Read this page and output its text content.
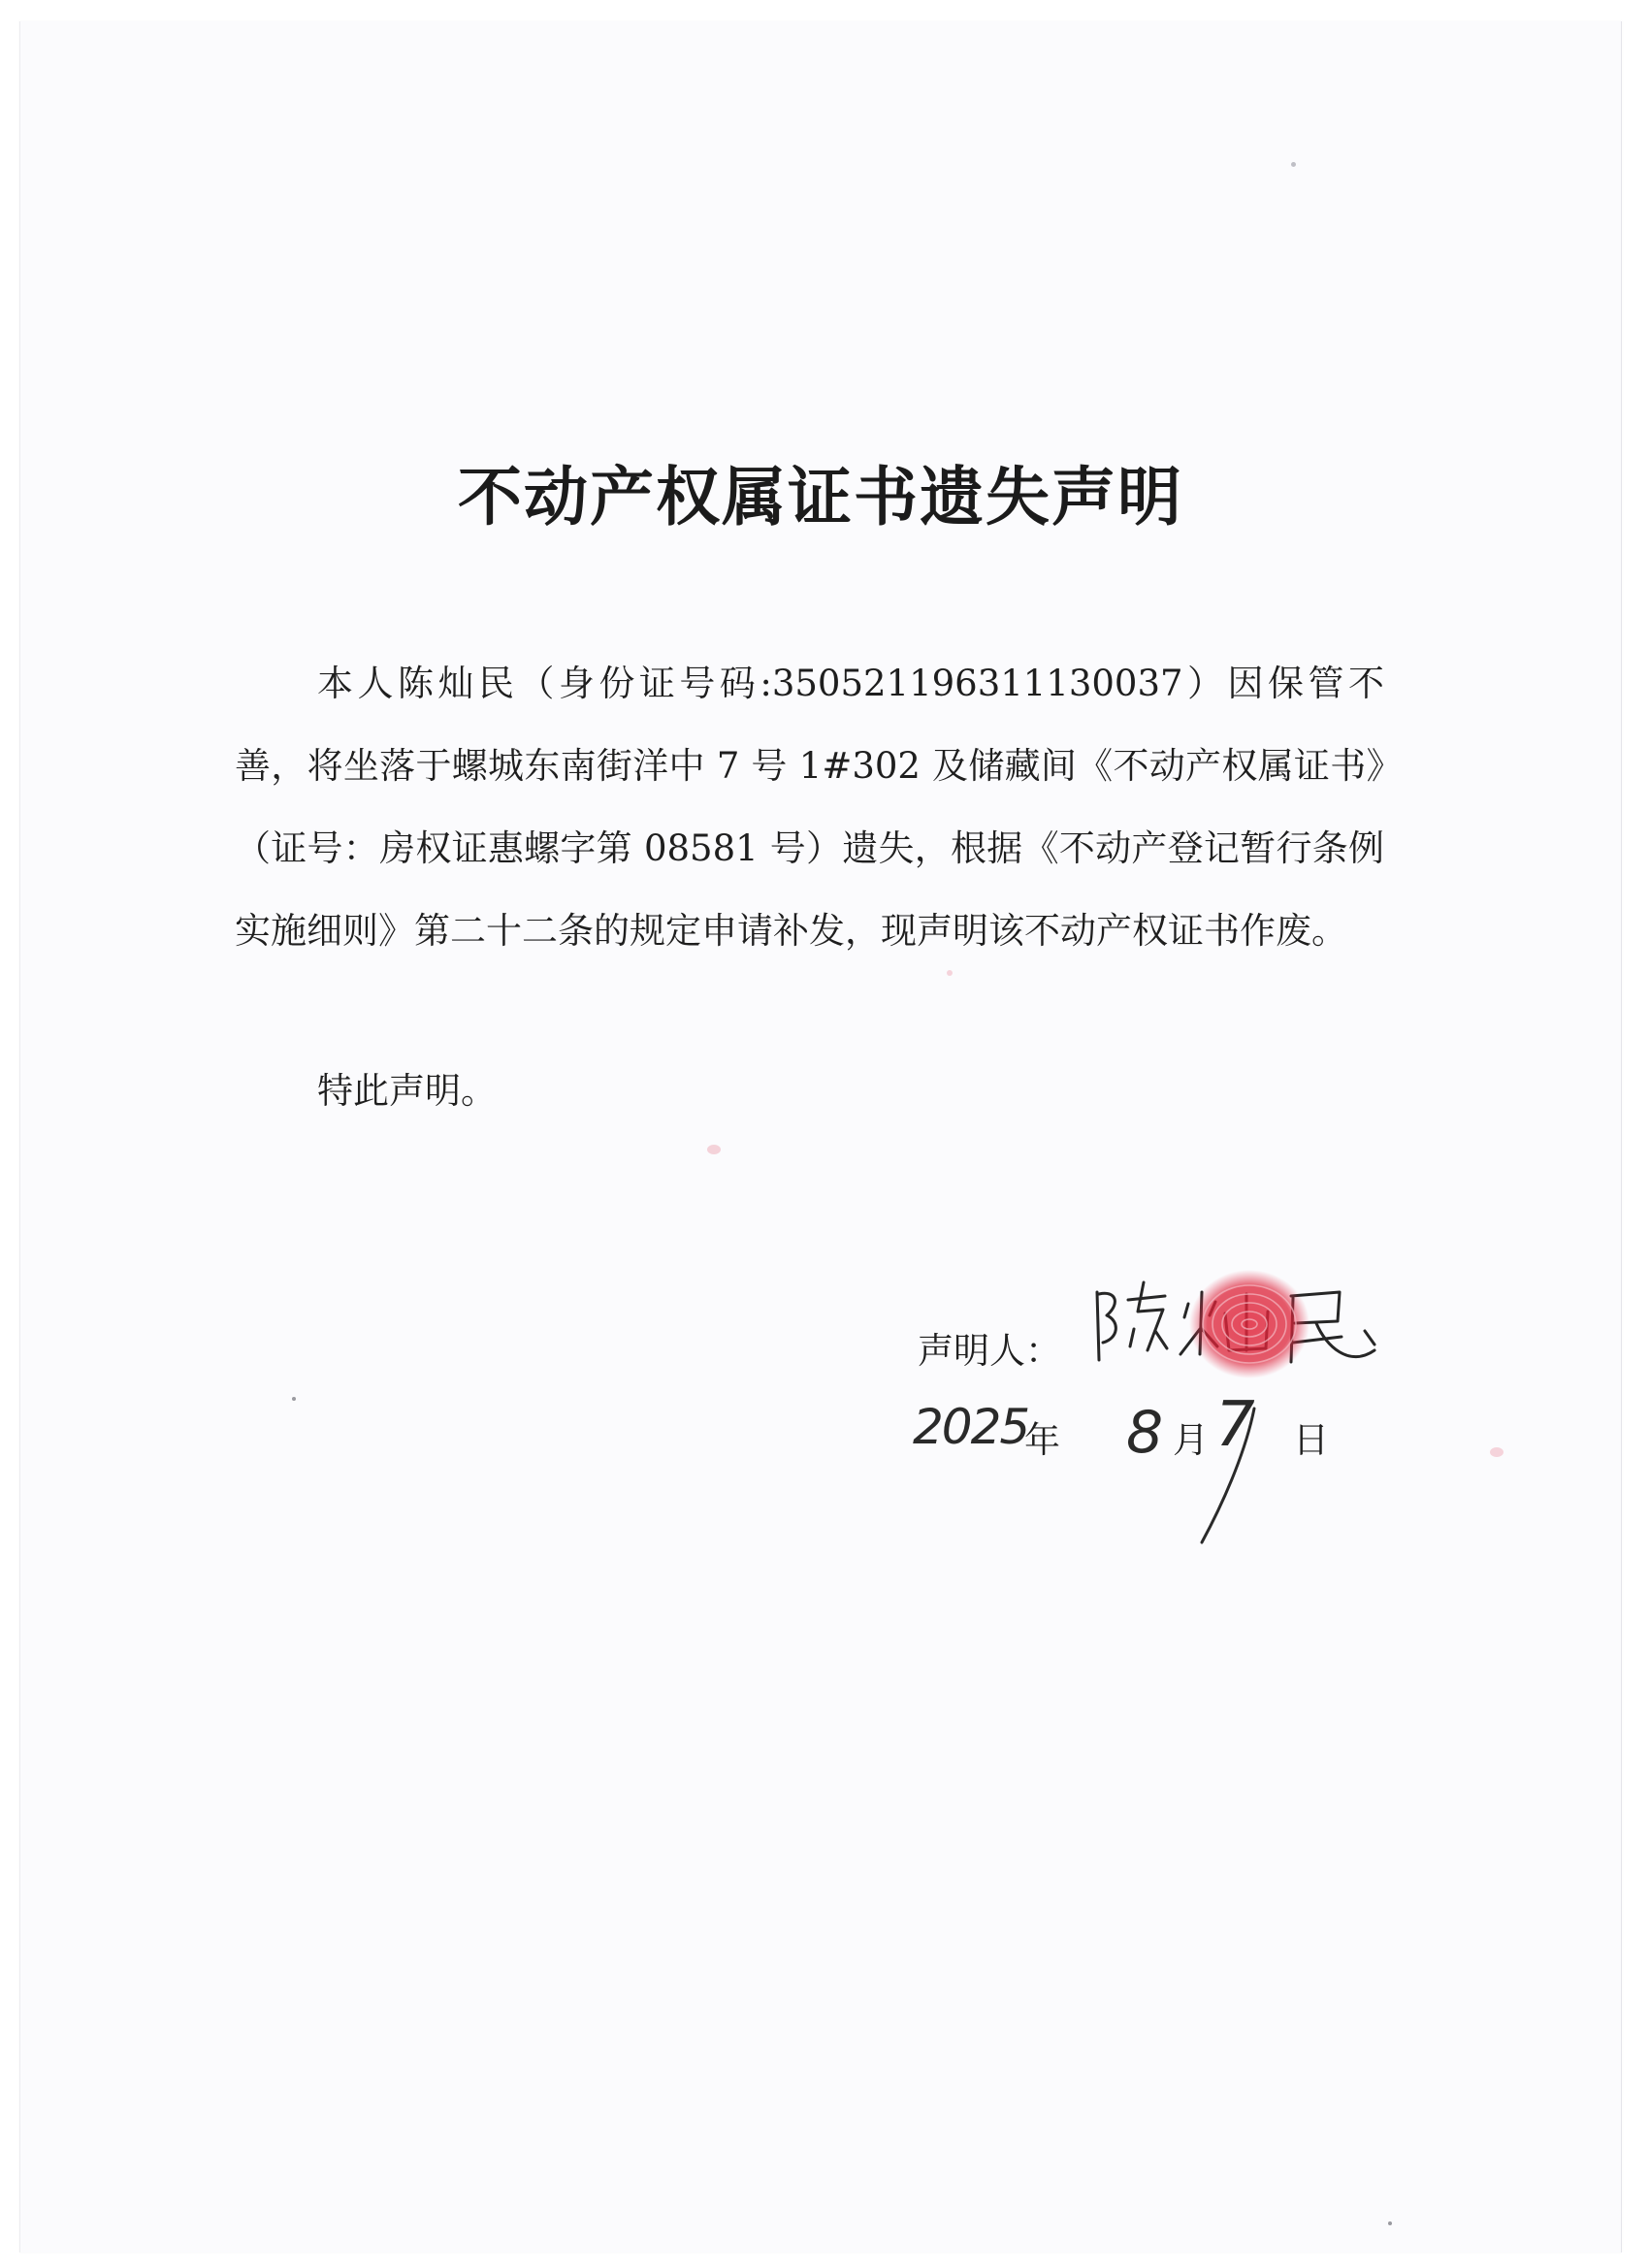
不动产权属证书遗失声明

本人陈灿民（身份证号码:350521196311130037）因保管不善，将坐落于螺城东南街洋中 7 号 1#302 及储藏间《不动产权属证书》（证号：房权证惠螺字第 08581 号）遗失，根据《不动产登记暂行条例实施细则》第二十二条的规定申请补发，现声明该不动产权证书作废。

特此声明。

声明人：
2025
年 8 月 7 日
